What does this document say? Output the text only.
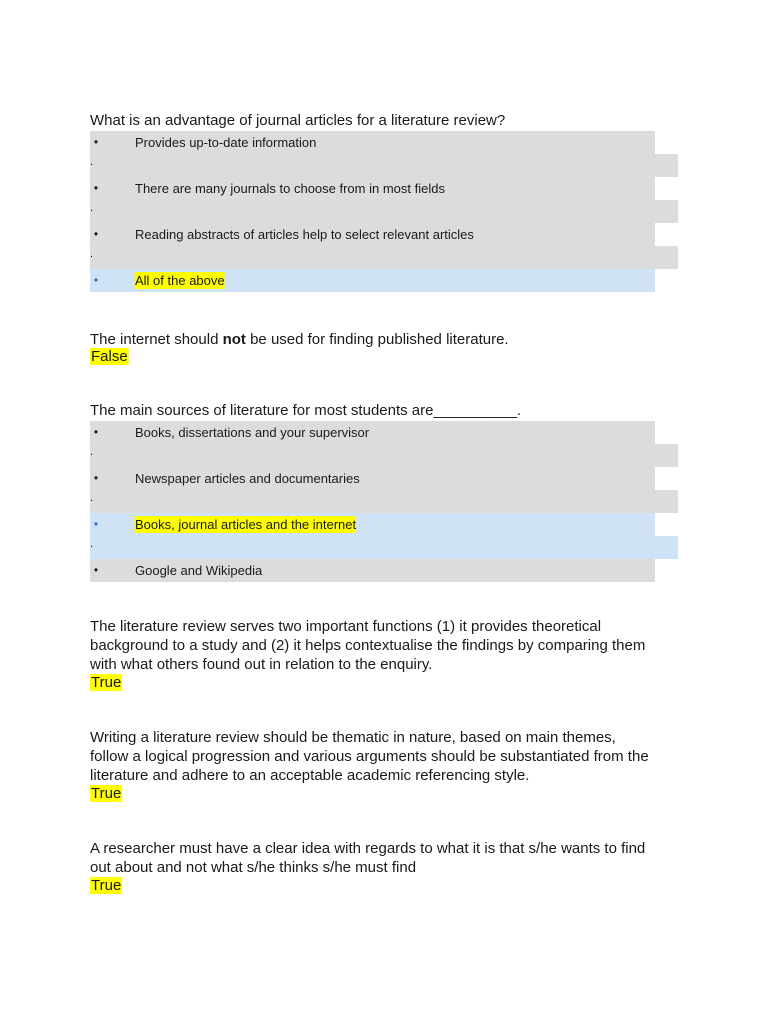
What is an advantage of journal articles for a literature review?

•	Provides up-to-date information
.
•	There are many journals to choose from in most fields
.
•	Reading abstracts of articles help to select relevant articles
.
•	All of the above

The internet should not be used for finding published literature.

False

The main sources of literature for most students are__________.

•	Books, dissertations and your supervisor
.
•	Newspaper articles and documentaries
.
•	Books, journal articles and the internet
.
•	Google and Wikipedia

The literature review serves two important functions (1) it provides theoretical

background to a study and (2) it helps contextualise the findings by comparing them

with what others found out in relation to the enquiry.

True

Writing a literature review should be thematic in nature, based on main themes,

follow a logical progression and various arguments should be substantiated from the

literature and adhere to an acceptable academic referencing style.

True

A researcher must have a clear idea with regards to what it is that s/he wants to find

out about and not what s/he thinks s/he must find

True
